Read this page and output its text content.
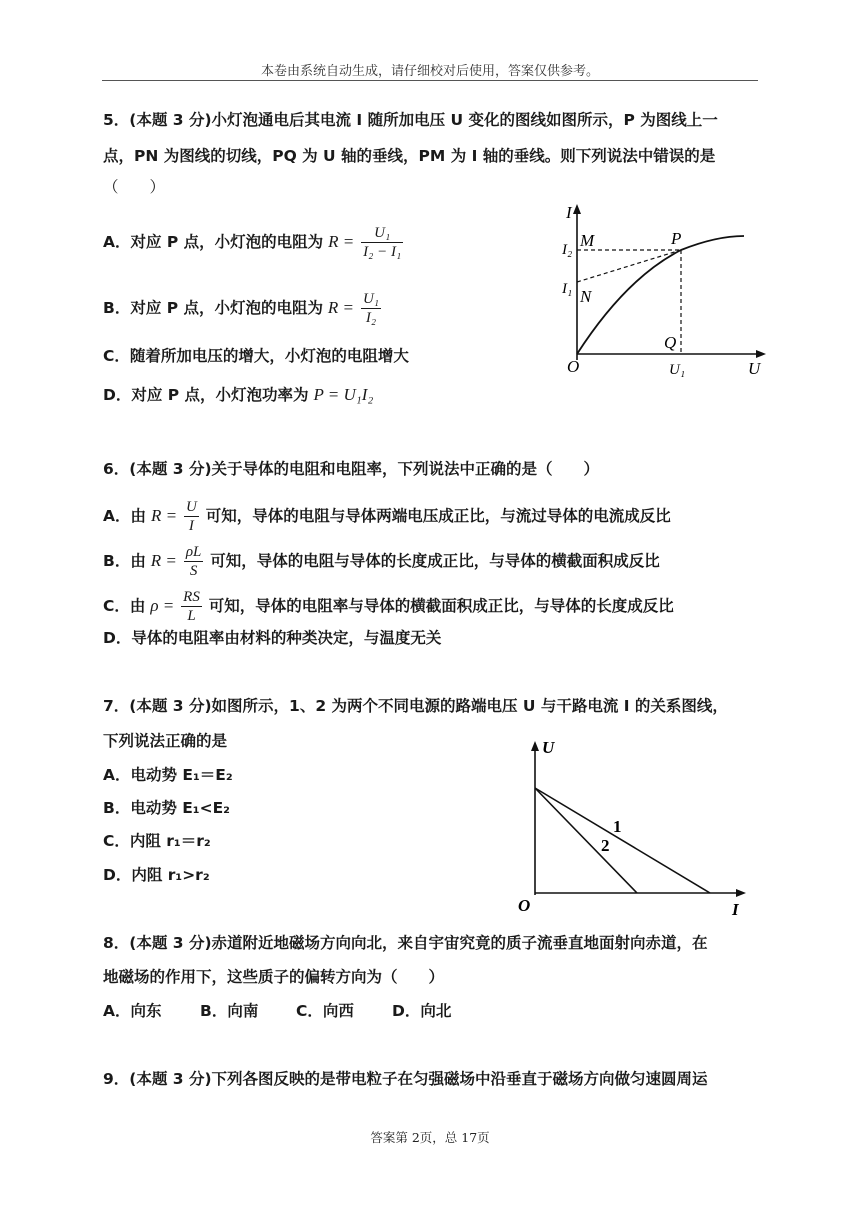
本卷由系统自动生成，请仔细校对后使用，答案仅供参考。
5．(本题 3 分)小灯泡通电后其电流 I 随所加电压 U 变化的图线如图所示，P 为图线上一
点，PN 为图线的切线，PQ 为 U 轴的垂线，PM 为 I 轴的垂线。则下列说法中错误的是
（　　）
A．对应 P 点，小灯泡的电阻为 $R = \frac{\text{U₁}}{\text{I₂ − I₁}}$
B．对应 P 点，小灯泡的电阻为 $R = \frac{\text{U₁}}{\text{I₂}}$
C．随着所加电压的增大，小灯泡的电阻增大
D．对应 P 点，小灯泡功率为 P = U₁I₂
I
U
O
I₂ M
I₁ N
P
Q
U₁
6．(本题 3 分)关于导体的电阻和电阻率，下列说法中正确的是（　　）
A．由 $R = \frac{U}{I}$ 可知，导体的电阻与导体两端电压成正比，与流过导体的电流成反比
B．由 $R = \frac{\rho L}{S}$ 可知，导体的电阻与导体的长度成正比，与导体的横截面积成反比
C．由 $\rho = \frac{RS}{L}$ 可知，导体的电阻率与导体的横截面积成正比，与导体的长度成反比
D．导体的电阻率由材料的种类决定，与温度无关
7．(本题 3 分)如图所示，1、2 为两个不同电源的路端电压 U 与干路电流 I 的关系图线，
下列说法正确的是
A．电动势 E₁＝E₂
B．电动势 E₁<E₂
C．内阻 r₁＝r₂
D．内阻 r₁>r₂
U
I
O
1
2
8．(本题 3 分)赤道附近地磁场方向向北，来自宇宙究竟的质子流垂直地面射向赤道，在
地磁场的作用下，这些质子的偏转方向为（　　）
A．向东 B．向南 C．向西 D．向北
9．(本题 3 分)下列各图反映的是带电粒子在匀强磁场中沿垂直于磁场方向做匀速圆周运
答案第 2页，总 17页
